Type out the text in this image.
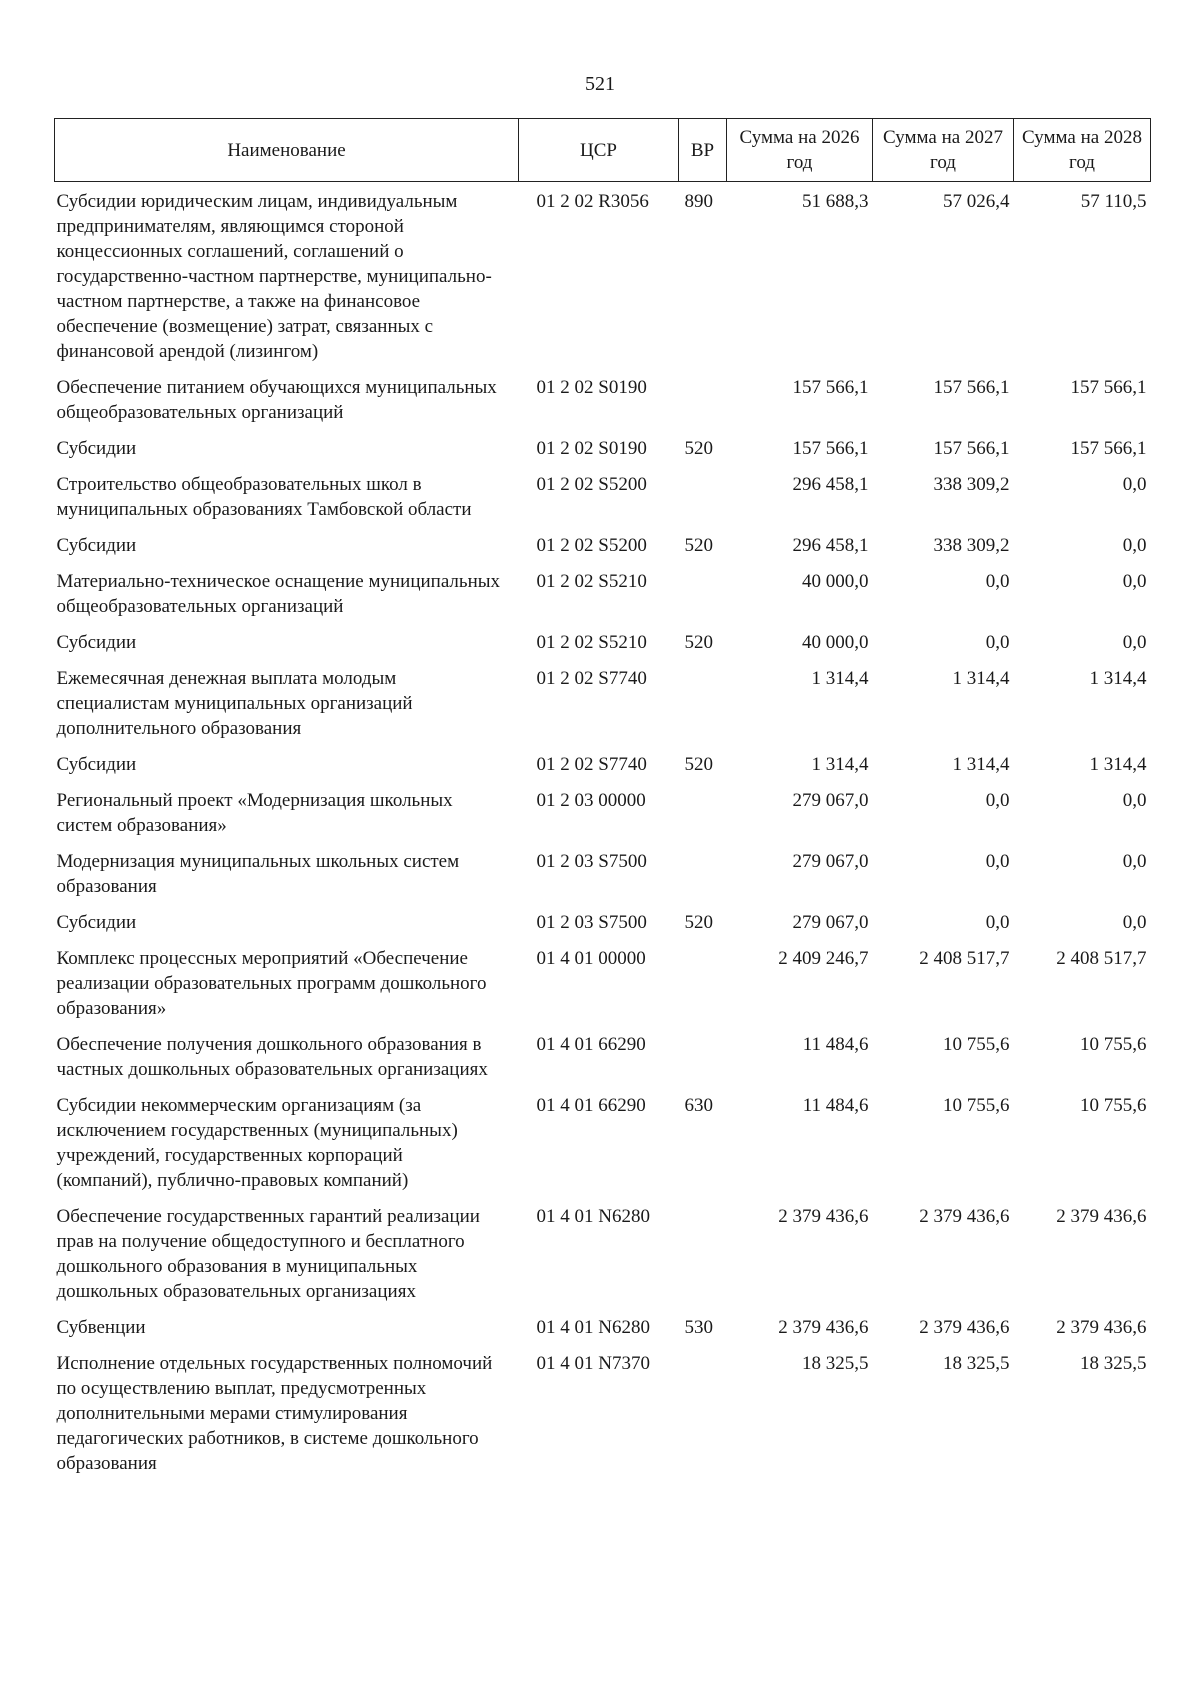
521
Наименование	ЦСР	ВР	Сумма на 2026 год	Сумма на 2027 год	Сумма на 2028 год
Субсидии юридическим лицам, индивидуальным предпринимателям, являющимся стороной концессионных соглашений, соглашений о государственно-частном партнерстве, муниципально-частном партнерстве, а также на финансовое обеспечение (возмещение) затрат, связанных с финансовой арендой (лизингом)	01 2 02 R3056	890	51 688,3	57 026,4	57 110,5
Обеспечение питанием обучающихся муниципальных общеобразовательных организаций	01 2 02 S0190		157 566,1	157 566,1	157 566,1
Субсидии	01 2 02 S0190	520	157 566,1	157 566,1	157 566,1
Строительство общеобразовательных школ в муниципальных образованиях Тамбовской области	01 2 02 S5200		296 458,1	338 309,2	0,0
Субсидии	01 2 02 S5200	520	296 458,1	338 309,2	0,0
Материально-техническое оснащение муниципальных общеобразовательных организаций	01 2 02 S5210		40 000,0	0,0	0,0
Субсидии	01 2 02 S5210	520	40 000,0	0,0	0,0
Ежемесячная денежная выплата молодым специалистам муниципальных организаций дополнительного образования	01 2 02 S7740		1 314,4	1 314,4	1 314,4
Субсидии	01 2 02 S7740	520	1 314,4	1 314,4	1 314,4
Региональный проект «Модернизация школьных систем образования»	01 2 03 00000		279 067,0	0,0	0,0
Модернизация муниципальных школьных систем образования	01 2 03 S7500		279 067,0	0,0	0,0
Субсидии	01 2 03 S7500	520	279 067,0	0,0	0,0
Комплекс процессных мероприятий «Обеспечение реализации образовательных программ дошкольного образования»	01 4 01 00000		2 409 246,7	2 408 517,7	2 408 517,7
Обеспечение получения дошкольного образования в частных дошкольных образовательных организациях	01 4 01 66290		11 484,6	10 755,6	10 755,6
Субсидии некоммерческим организациям (за исключением государственных (муниципальных) учреждений, государственных корпораций (компаний), публично-правовых компаний)	01 4 01 66290	630	11 484,6	10 755,6	10 755,6
Обеспечение государственных гарантий реализации прав на получение общедоступного и бесплатного дошкольного образования в муниципальных дошкольных образовательных организациях	01 4 01 N6280		2 379 436,6	2 379 436,6	2 379 436,6
Субвенции	01 4 01 N6280	530	2 379 436,6	2 379 436,6	2 379 436,6
Исполнение отдельных государственных полномочий по осуществлению выплат, предусмотренных дополнительными мерами стимулирования педагогических работников, в системе дошкольного образования	01 4 01 N7370		18 325,5	18 325,5	18 325,5
